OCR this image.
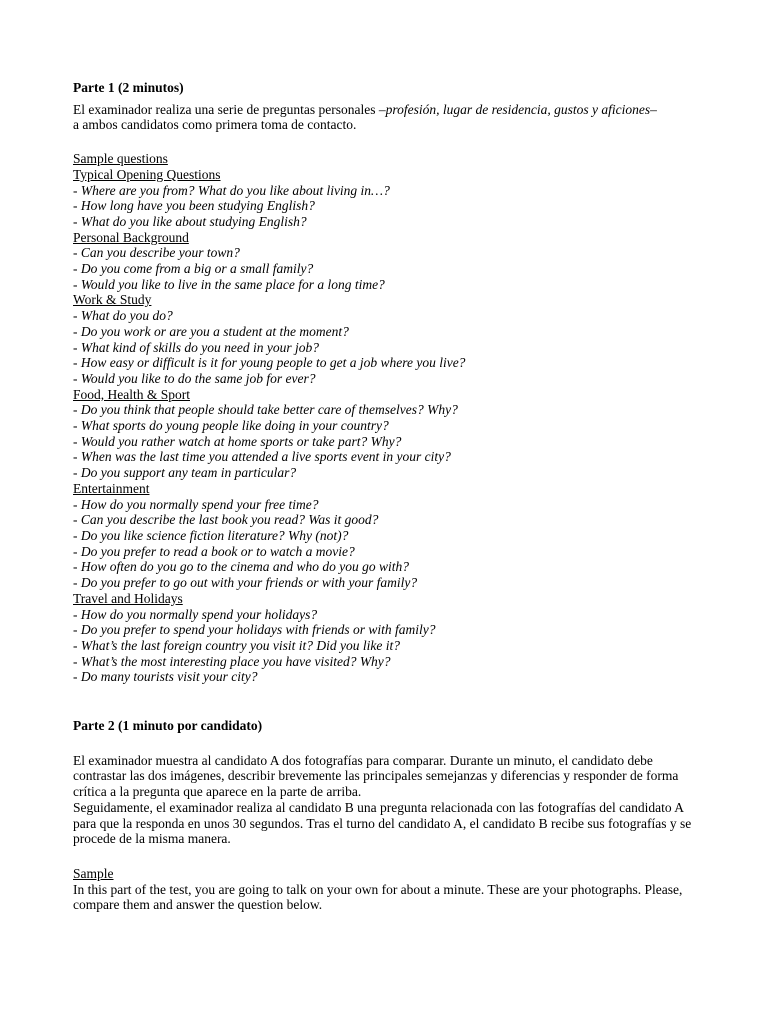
Parte 1 (2 minutos)

El examinador realiza una serie de preguntas personales –profesión, lugar de residencia, gustos y aficiones–

a ambos candidatos como primera toma de contacto.

Sample questions

Typical Opening Questions

- Where are you from? What do you like about living in…?

- How long have you been studying English?

- What do you like about studying English?

Personal Background

- Can you describe your town?

- Do you come from a big or a small family?

- Would you like to live in the same place for a long time?

Work & Study

- What do you do?

- Do you work or are you a student at the moment?

- What kind of skills do you need in your job?

- How easy or difficult is it for young people to get a job where you live?

- Would you like to do the same job for ever?

Food, Health & Sport

- Do you think that people should take better care of themselves? Why?

- What sports do young people like doing in your country?

- Would you rather watch at home sports or take part? Why?

- When was the last time you attended a live sports event in your city?

- Do you support any team in particular?

Entertainment

- How do you normally spend your free time?

- Can you describe the last book you read? Was it good?

- Do you like science fiction literature? Why (not)?

- Do you prefer to read a book or to watch a movie?

- How often do you go to the cinema and who do you go with?

- Do you prefer to go out with your friends or with your family?

Travel and Holidays

- How do you normally spend your holidays?

- Do you prefer to spend your holidays with friends or with family?

- What’s the last foreign country you visit it? Did you like it?

- What’s the most interesting place you have visited? Why?

- Do many tourists visit your city?

Parte 2 (1 minuto por candidato)

El examinador muestra al candidato A dos fotografías para comparar. Durante un minuto, el candidato debe contrastar las dos imágenes, describir brevemente las principales semejanzas y diferencias y responder de forma crítica a la pregunta que aparece en la parte de arriba.

Seguidamente, el examinador realiza al candidato B una pregunta relacionada con las fotografías del candidato A para que la responda en unos 30 segundos. Tras el turno del candidato A, el candidato B recibe sus fotografías y se procede de la misma manera.

Sample

In this part of the test, you are going to talk on your own for about a minute. These are your photographs. Please, compare them and answer the question below.
